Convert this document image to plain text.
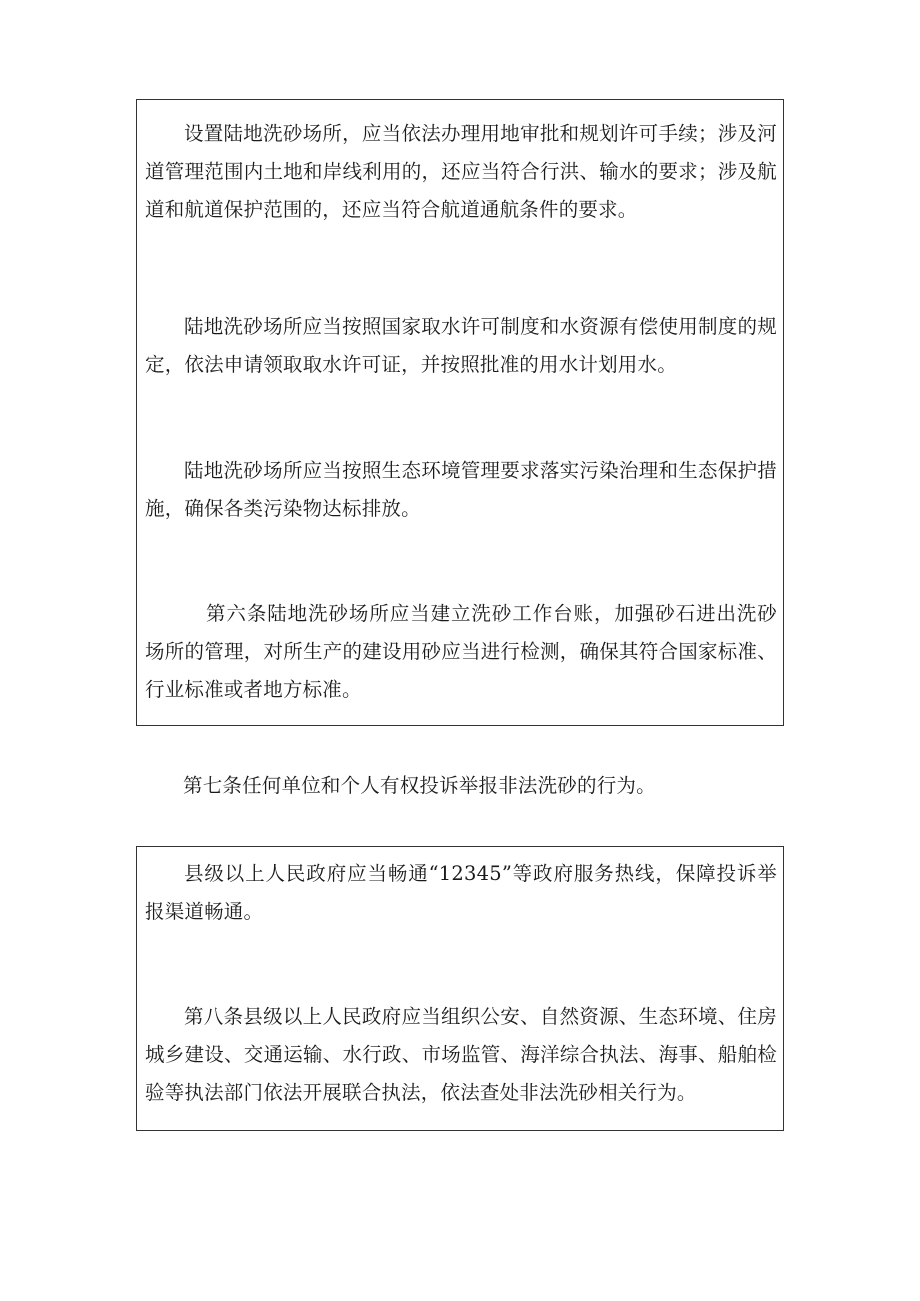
设置陆地洗砂场所，应当依法办理用地审批和规划许可手续；涉及河道管理范围内土地和岸线利用的，还应当符合行洪、输水的要求；涉及航道和航道保护范围的，还应当符合航道通航条件的要求。

陆地洗砂场所应当按照国家取水许可制度和水资源有偿使用制度的规定，依法申请领取取水许可证，并按照批准的用水计划用水。

陆地洗砂场所应当按照生态环境管理要求落实污染治理和生态保护措施，确保各类污染物达标排放。

第六条陆地洗砂场所应当建立洗砂工作台账，加强砂石进出洗砂场所的管理，对所生产的建设用砂应当进行检测，确保其符合国家标准、行业标准或者地方标准。

第七条任何单位和个人有权投诉举报非法洗砂的行为。

县级以上人民政府应当畅通“12345”等政府服务热线，保障投诉举报渠道畅通。

第八条县级以上人民政府应当组织公安、自然资源、生态环境、住房城乡建设、交通运输、水行政、市场监管、海洋综合执法、海事、船舶检验等执法部门依法开展联合执法，依法查处非法洗砂相关行为。
